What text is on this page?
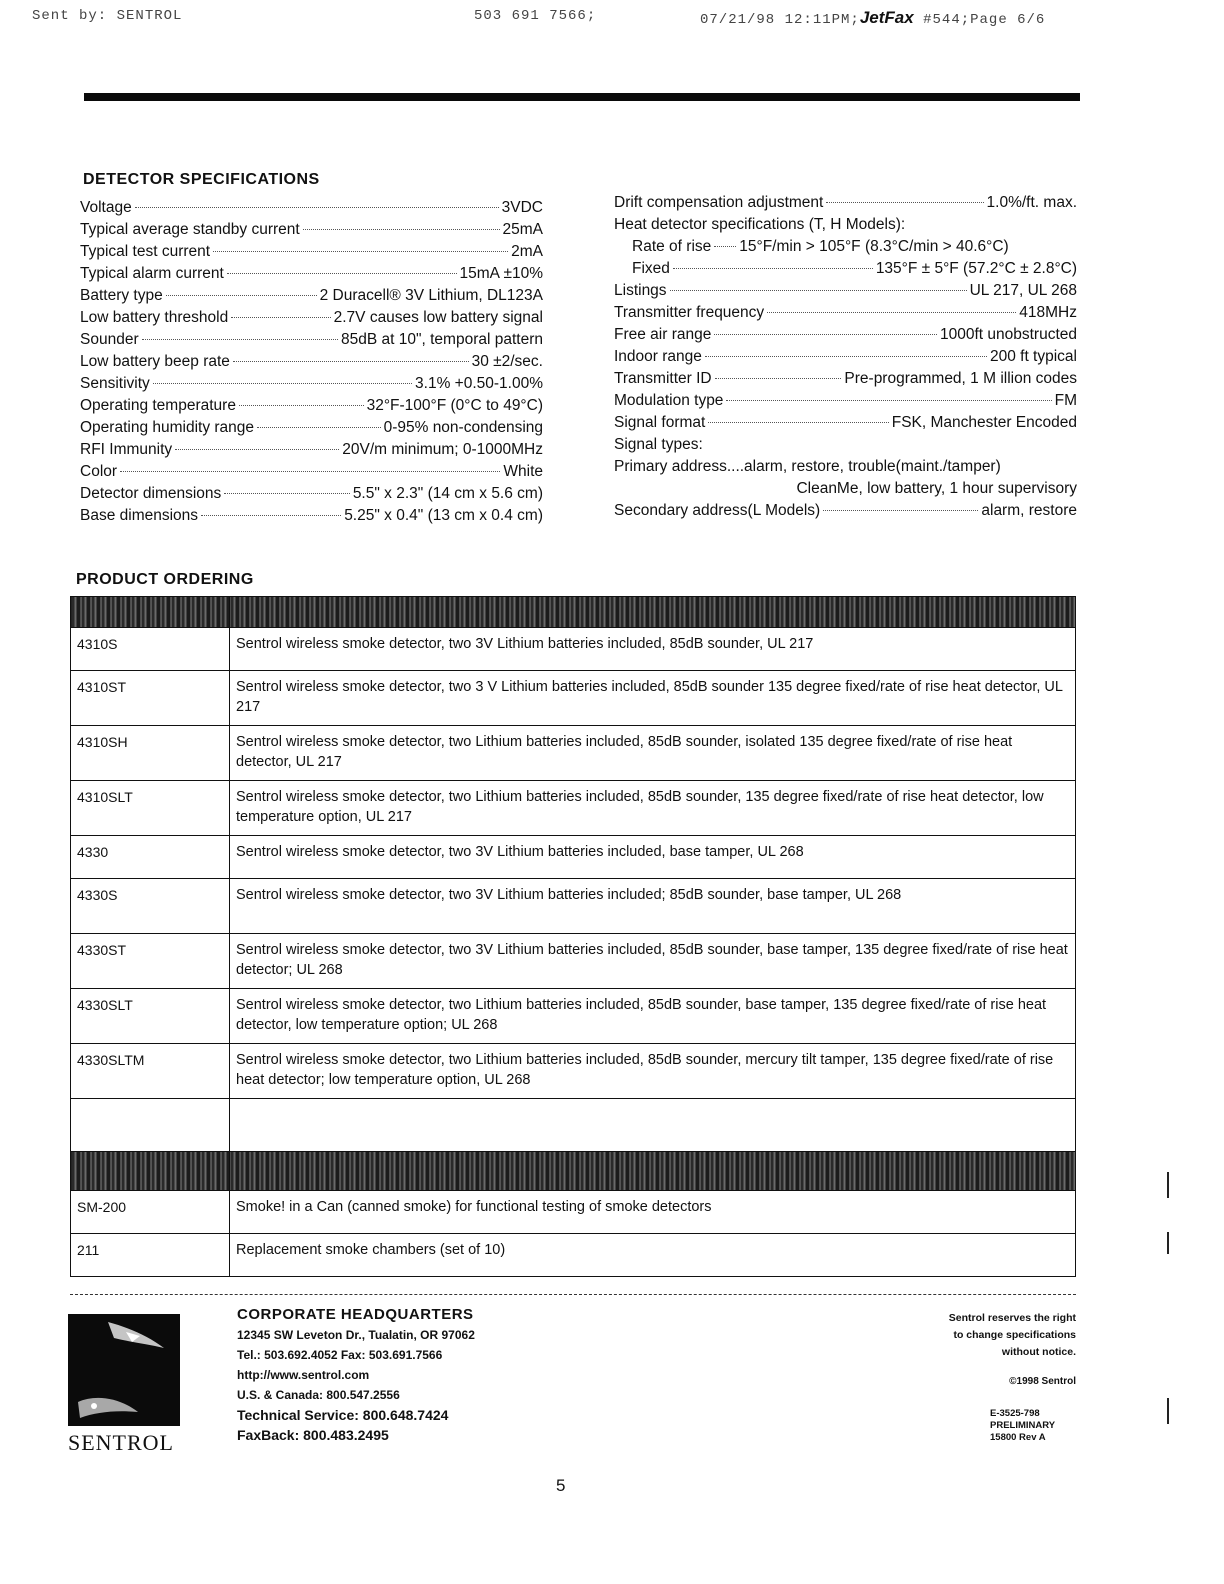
Sent by: SENTROL	503 691 7566;	07/21/98 12:11PM;JetFax #544;Page 6/6
DETECTOR SPECIFICATIONS
Voltage	3VDC
Typical average standby current	25mA
Typical test current	2mA
Typical alarm current	15mA ±10%
Battery type	2 Duracell® 3V Lithium, DL123A
Low battery threshold	2.7V causes low battery signal
Sounder	85dB at 10", temporal pattern
Low battery beep rate	30 ±2/sec.
Sensitivity	3.1% +0.50-1.00%
Operating temperature	32°F-100°F (0°C to 49°C)
Operating humidity range	0-95% non-condensing
RFI Immunity	20V/m minimum; 0-1000MHz
Color	White
Detector dimensions	5.5" x 2.3" (14 cm x 5.6 cm)
Base dimensions	5.25" x 0.4" (13 cm x 0.4 cm)
Drift compensation adjustment	1.0%/ft. max.
Heat detector specifications (T, H Models):
Rate of rise 15°F/min > 105°F (8.3°C/min > 40.6°C)
Fixed	135°F ± 5°F (57.2°C ± 2.8°C)
Listings	UL 217, UL 268
Transmitter frequency	418MHz
Free air range	1000ft unobstructed
Indoor range	200 ft typical
Transmitter ID	Pre-programmed, 1 M illion codes
Modulation type	FM
Signal format	FSK, Manchester Encoded
Signal types:
Primary address....alarm, restore, trouble(maint./tamper)
CleanMe, low battery, 1 hour supervisory
Secondary address(L Models)	alarm, restore
PRODUCT ORDERING

4310S	Sentrol wireless smoke detector, two 3V Lithium batteries included, 85dB sounder, UL 217
4310ST	Sentrol wireless smoke detector, two 3 V Lithium batteries included, 85dB sounder 135 degree fixed/rate of rise heat detector, UL 217
4310SH	Sentrol wireless smoke detector, two Lithium batteries included, 85dB sounder, isolated 135 degree fixed/rate of rise heat detector, UL 217
4310SLT	Sentrol wireless smoke detector, two Lithium batteries included, 85dB sounder, 135 degree fixed/rate of rise heat detector, low temperature option, UL 217
4330	Sentrol wireless smoke detector, two 3V Lithium batteries included, base tamper, UL 268
4330S	Sentrol wireless smoke detector, two 3V Lithium batteries included; 85dB sounder, base tamper, UL 268
4330ST	Sentrol wireless smoke detector, two 3V Lithium batteries included, 85dB sounder, base tamper, 135 degree fixed/rate of rise heat detector; UL 268
4330SLT	Sentrol wireless smoke detector, two Lithium batteries included, 85dB sounder, base tamper, 135 degree fixed/rate of rise heat detector, low temperature option; UL 268
4330SLTM	Sentrol wireless smoke detector, two Lithium batteries included, 85dB sounder, mercury tilt tamper, 135 degree fixed/rate of rise heat detector; low temperature option, UL 268

SM-200	Smoke! in a Can (canned smoke) for functional testing of smoke detectors
211	Replacement smoke chambers (set of 10)
SENTROL
CORPORATE HEADQUARTERS
12345 SW Leveton Dr., Tualatin, OR 97062
Tel.: 503.692.4052 Fax: 503.691.7566
http://www.sentrol.com
U.S. & Canada: 800.547.2556
Technical Service: 800.648.7424
FaxBack: 800.483.2495
Sentrol reserves the right
to change specifications
without notice.
©1998 Sentrol
E-3525-798
PRELIMINARY
15800 Rev A
5
